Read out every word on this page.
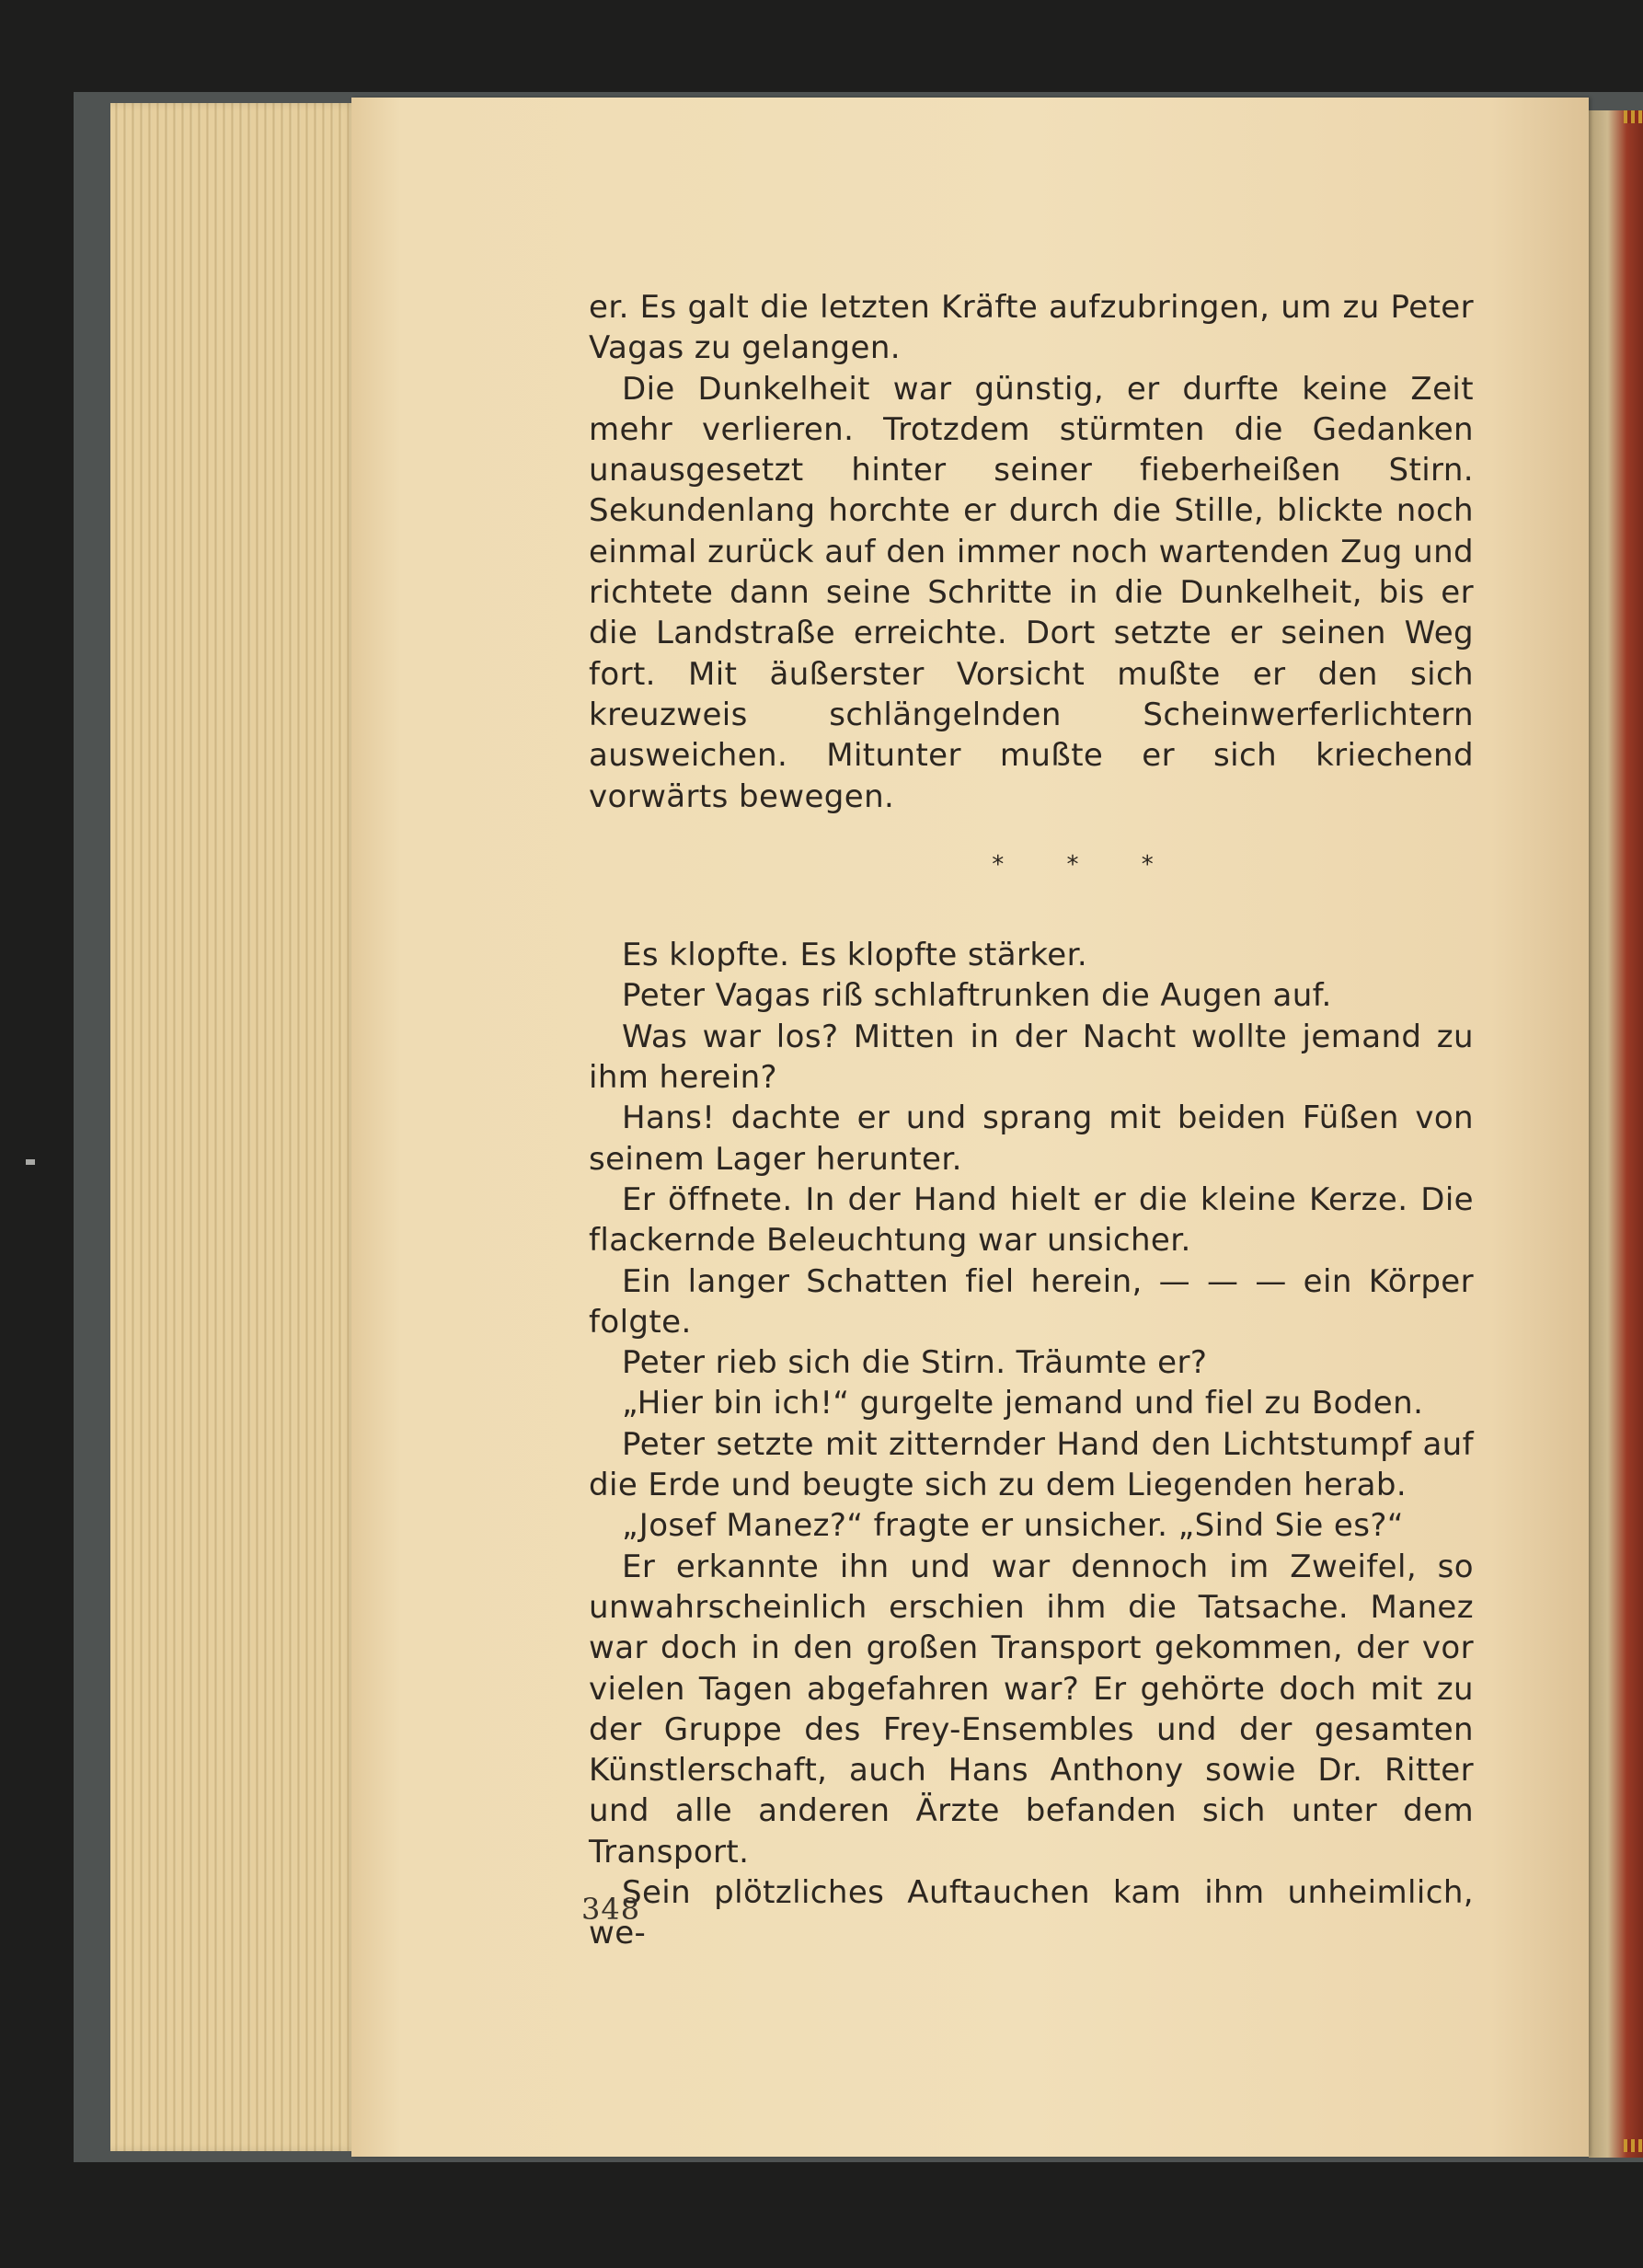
er. Es galt die letzten Kräfte aufzubringen, um zu Peter Vagas zu gelangen.

Die Dunkelheit war günstig, er durfte keine Zeit mehr verlieren. Trotzdem stürmten die Gedanken unausgesetzt hinter seiner fieberheißen Stirn. Sekundenlang horchte er durch die Stille, blickte noch einmal zurück auf den immer noch wartenden Zug und richtete dann seine Schritte in die Dunkelheit, bis er die Landstraße erreichte. Dort setzte er seinen Weg fort. Mit äußerster Vorsicht mußte er den sich kreuzweis schlängelnden Scheinwerferlichtern ausweichen. Mitunter mußte er sich kriechend vorwärts bewegen.

* * *

Es klopfte. Es klopfte stärker.

Peter Vagas riß schlaftrunken die Augen auf.

Was war los? Mitten in der Nacht wollte jemand zu ihm herein?

Hans! dachte er und sprang mit beiden Füßen von seinem Lager herunter.

Er öffnete. In der Hand hielt er die kleine Kerze. Die flackernde Beleuchtung war unsicher.

Ein langer Schatten fiel herein, — — — ein Körper folgte.

Peter rieb sich die Stirn. Träumte er?

„Hier bin ich!“ gurgelte jemand und fiel zu Boden.

Peter setzte mit zitternder Hand den Lichtstumpf auf die Erde und beugte sich zu dem Liegenden herab.

„Josef Manez?“ fragte er unsicher. „Sind Sie es?“

Er erkannte ihn und war dennoch im Zweifel, so unwahrscheinlich erschien ihm die Tatsache. Manez war doch in den großen Transport gekommen, der vor vielen Tagen abgefahren war? Er gehörte doch mit zu der Gruppe des Frey-Ensembles und der gesamten Künstlerschaft, auch Hans Anthony sowie Dr. Ritter und alle anderen Ärzte befanden sich unter dem Transport.

Sein plötzliches Auftauchen kam ihm unheimlich, we-

348
